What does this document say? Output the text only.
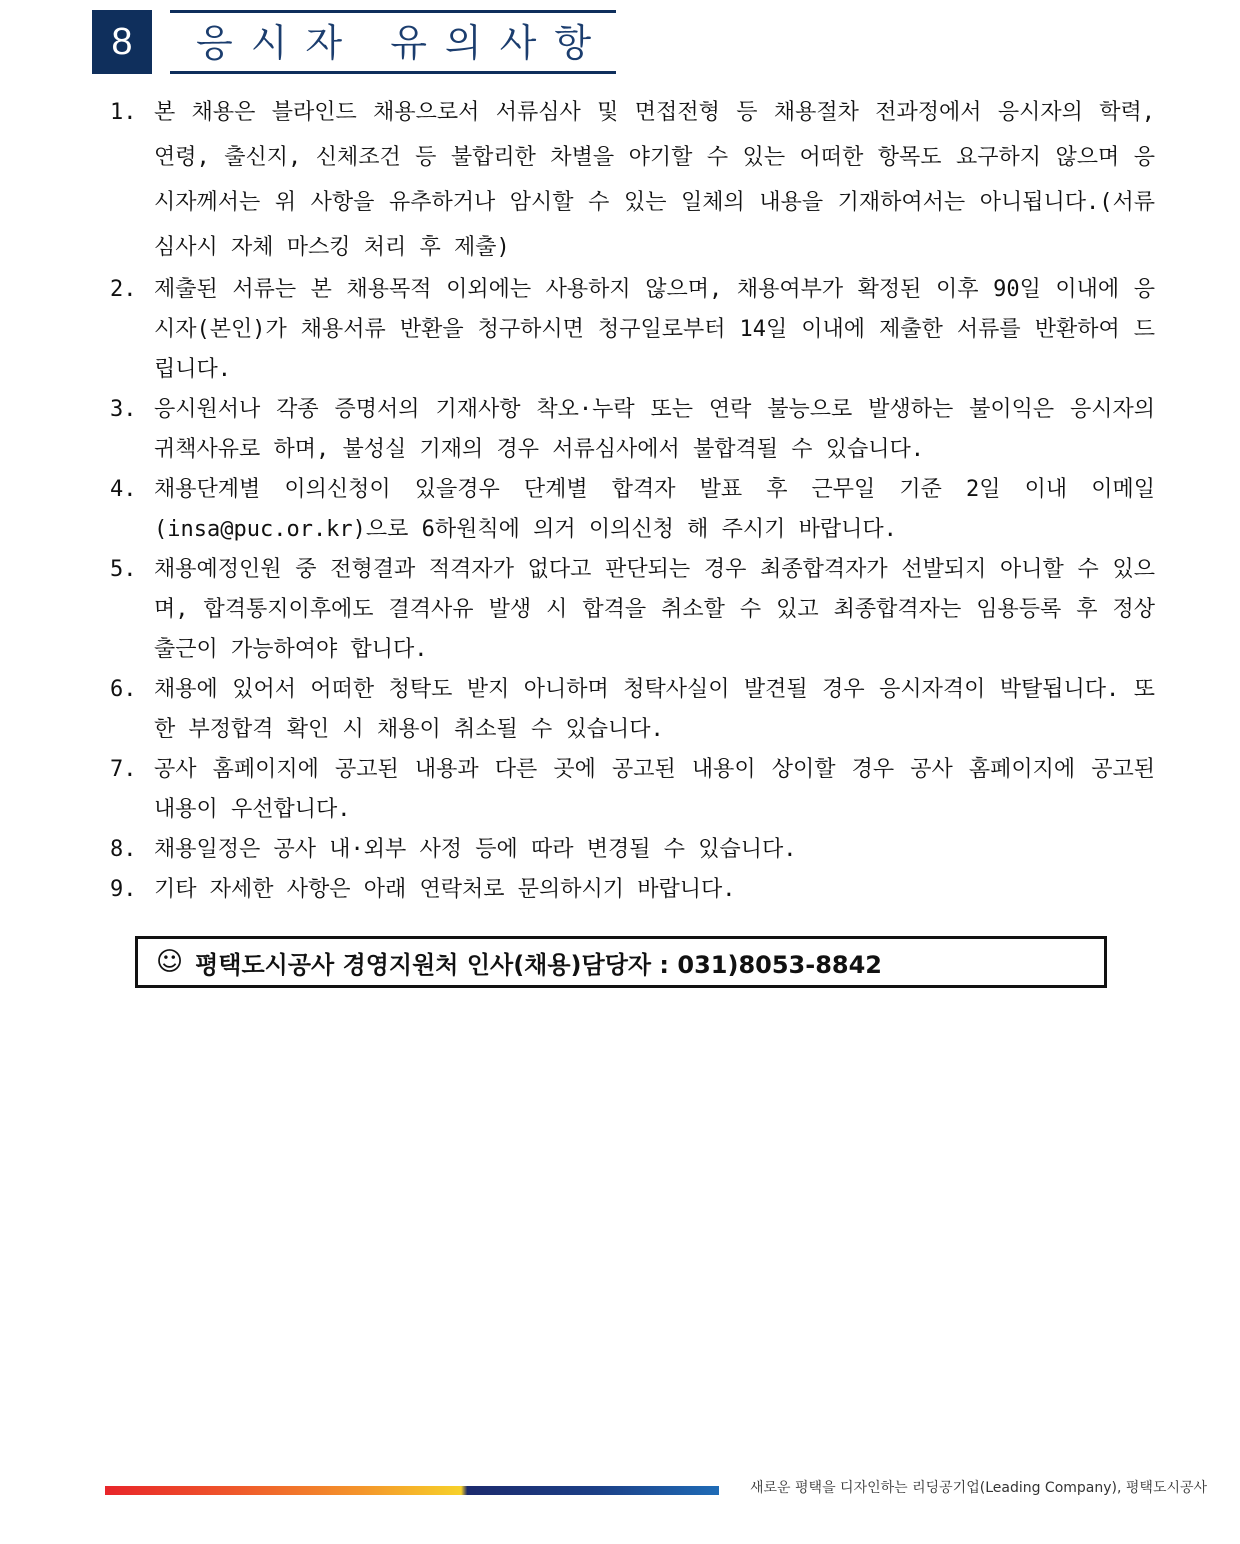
8	응시자 유의사항
1. 본 채용은 블라인드 채용으로서 서류심사 및 면접전형 등 채용절차 전과정에서 응시자의 학력, 연령, 출신지, 신체조건 등 불합리한 차별을 야기할 수 있는 어떠한 항목도 요구하지 않으며 응시자께서는 위 사항을 유추하거나 암시할 수 있는 일체의 내용을 기재하여서는 아니됩니다.(서류심사시 자체 마스킹 처리 후 제출)
2. 제출된 서류는 본 채용목적 이외에는 사용하지 않으며, 채용여부가 확정된 이후 90일 이내에 응시자(본인)가 채용서류 반환을 청구하시면 청구일로부터 14일 이내에 제출한 서류를 반환하여 드립니다.
3. 응시원서나 각종 증명서의 기재사항 착오·누락 또는 연락 불능으로 발생하는 불이익은 응시자의 귀책사유로 하며, 불성실 기재의 경우 서류심사에서 불합격될 수 있습니다.
4. 채용단계별 이의신청이 있을경우 단계별 합격자 발표 후 근무일 기준 2일 이내 이메일(insa@puc.or.kr)으로 6하원칙에 의거 이의신청 해 주시기 바랍니다.
5. 채용예정인원 중 전형결과 적격자가 없다고 판단되는 경우 최종합격자가 선발되지 아니할 수 있으며, 합격통지이후에도 결격사유 발생 시 합격을 취소할 수 있고 최종합격자는 임용등록 후 정상출근이 가능하여야 합니다.
6. 채용에 있어서 어떠한 청탁도 받지 아니하며 청탁사실이 발견될 경우 응시자격이 박탈됩니다. 또한 부정합격 확인 시 채용이 취소될 수 있습니다.
7. 공사 홈페이지에 공고된 내용과 다른 곳에 공고된 내용이 상이할 경우 공사 홈페이지에 공고된 내용이 우선합니다.
8. 채용일정은 공사 내·외부 사정 등에 따라 변경될 수 있습니다.
9. 기타 자세한 사항은 아래 연락처로 문의하시기 바랍니다.
☺ 평택도시공사 경영지원처 인사(채용)담당자 : 031)8053-8842
새로운 평택을 디자인하는 리딩공기업(Leading Company), 평택도시공사
